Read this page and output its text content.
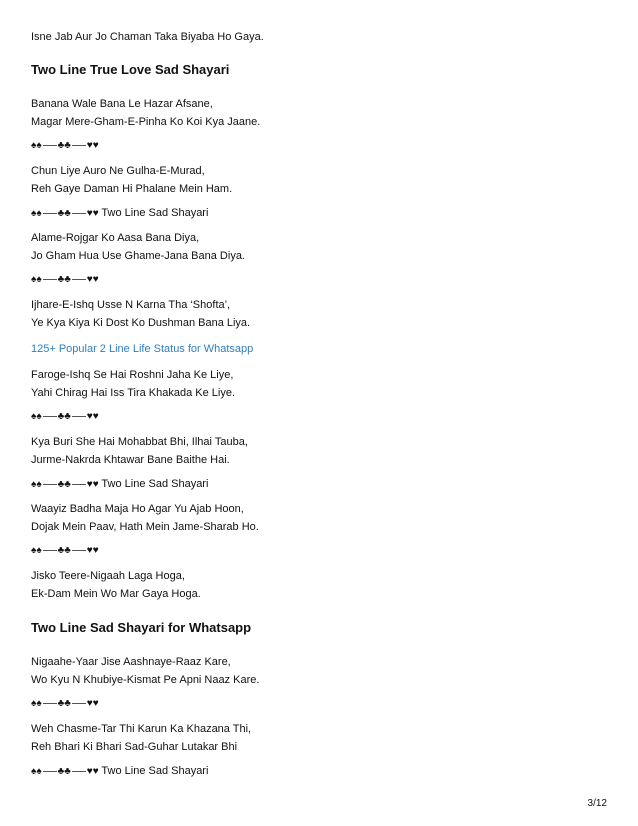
Isne Jab Aur Jo Chaman Taka Biyaba Ho Gaya.
Two Line True Love Sad Shayari
Banana Wale Bana Le Hazar Afsane,
Magar Mere-Gham-E-Pinha Ko Koi Kya Jaane.
♠♠ ♣♣ ♥♥
Chun Liye Auro Ne Gulha-E-Murad,
Reh Gaye Daman Hi Phalane Mein Ham.
♠♠ ♣♣ ♥♥ Two Line Sad Shayari
Alame-Rojgar Ko Aasa Bana Diya,
Jo Gham Hua Use Ghame-Jana Bana Diya.
♠♠ ♣♣ ♥♥
Ijhare-E-Ishq Usse N Karna Tha ‘Shofta’,
Ye Kya Kiya Ki Dost Ko Dushman Bana Liya.
125+ Popular 2 Line Life Status for Whatsapp
Faroge-Ishq Se Hai Roshni Jaha Ke Liye,
Yahi Chirag Hai Iss Tira Khakada Ke Liye.
♠♠ ♣♣ ♥♥
Kya Buri She Hai Mohabbat Bhi, Ilhai Tauba,
Jurme-Nakrda Khtawar Bane Baithe Hai.
♠♠ ♣♣ ♥♥ Two Line Sad Shayari
Waayiz Badha Maja Ho Agar Yu Ajab Hoon,
Dojak Mein Paav, Hath Mein Jame-Sharab Ho.
♠♠ ♣♣ ♥♥
Jisko Teere-Nigaah Laga Hoga,
Ek-Dam Mein Wo Mar Gaya Hoga.
Two Line Sad Shayari for Whatsapp
Nigaahe-Yaar Jise Aashnaye-Raaz Kare,
Wo Kyu N Khubiye-Kismat Pe Apni Naaz Kare.
♠♠ ♣♣ ♥♥
Weh Chasme-Tar Thi Karun Ka Khazana Thi,
Reh Bhari Ki Bhari Sad-Guhar Lutakar Bhi
♠♠ ♣♣ ♥♥ Two Line Sad Shayari
3/12
